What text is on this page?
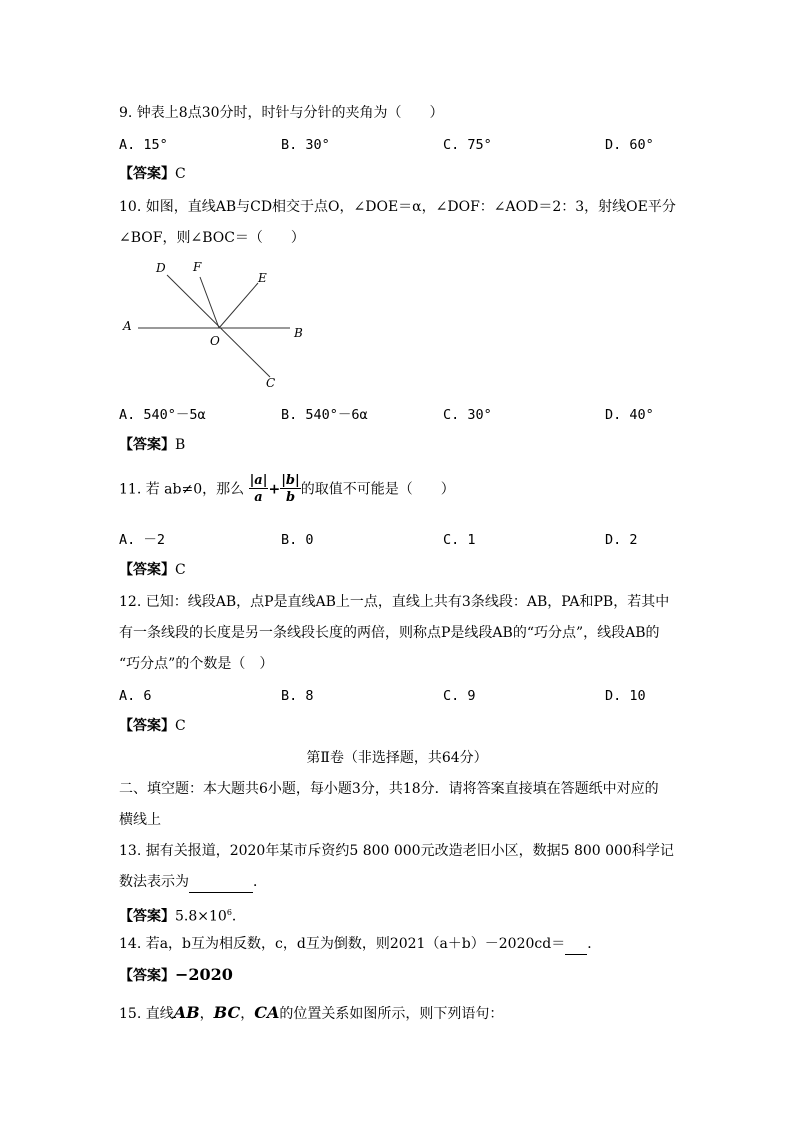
9. 钟表上8点30分时，时针与分针的夹角为（　　）
A. 15°	B. 30°	C. 75°	D. 60°
【答案】C
10. 如图，直线AB与CD相交于点O，∠DOE＝α，∠DOF：∠AOD＝2：3，射线OE平分
∠BOF，则∠BOC＝（　　）
A	B
C
D F
E
O
A. 540°－5α	B. 540°－6α	C. 30°	D. 40°
【答案】B
11. 若 ab≠0，那么 $\frac{|a|}{a} + \frac{|b|}{b}$ 的取值不可能是（　　）
A. －2	B. 0	C. 1	D. 2
【答案】C
12. 已知：线段AB，点P是直线AB上一点，直线上共有3条线段：AB，PA和PB，若其中
有一条线段的长度是另一条线段长度的两倍，则称点P是线段AB的“巧分点”，线段AB的
“巧分点”的个数是（　）
A. 6	B. 8	C. 9	D. 10
【答案】C
第Ⅱ卷（非选择题，共64分）
二、填空题：本大题共6小题，每小题3分，共18分．请将答案直接填在答题纸中对应的
横线上
13. 据有关报道，2020年某市斥资约5 800 000元改造老旧小区，数据5 800 000科学记
数法表示为	．
【答案】$5.8\times 10^6$．
14. 若a，b互为相反数，c，d互为倒数，则2021（a＋b）－2020cd＝ ．
【答案】−2020
15. 直线AB，BC，CA的位置关系如图所示，则下列语句：
